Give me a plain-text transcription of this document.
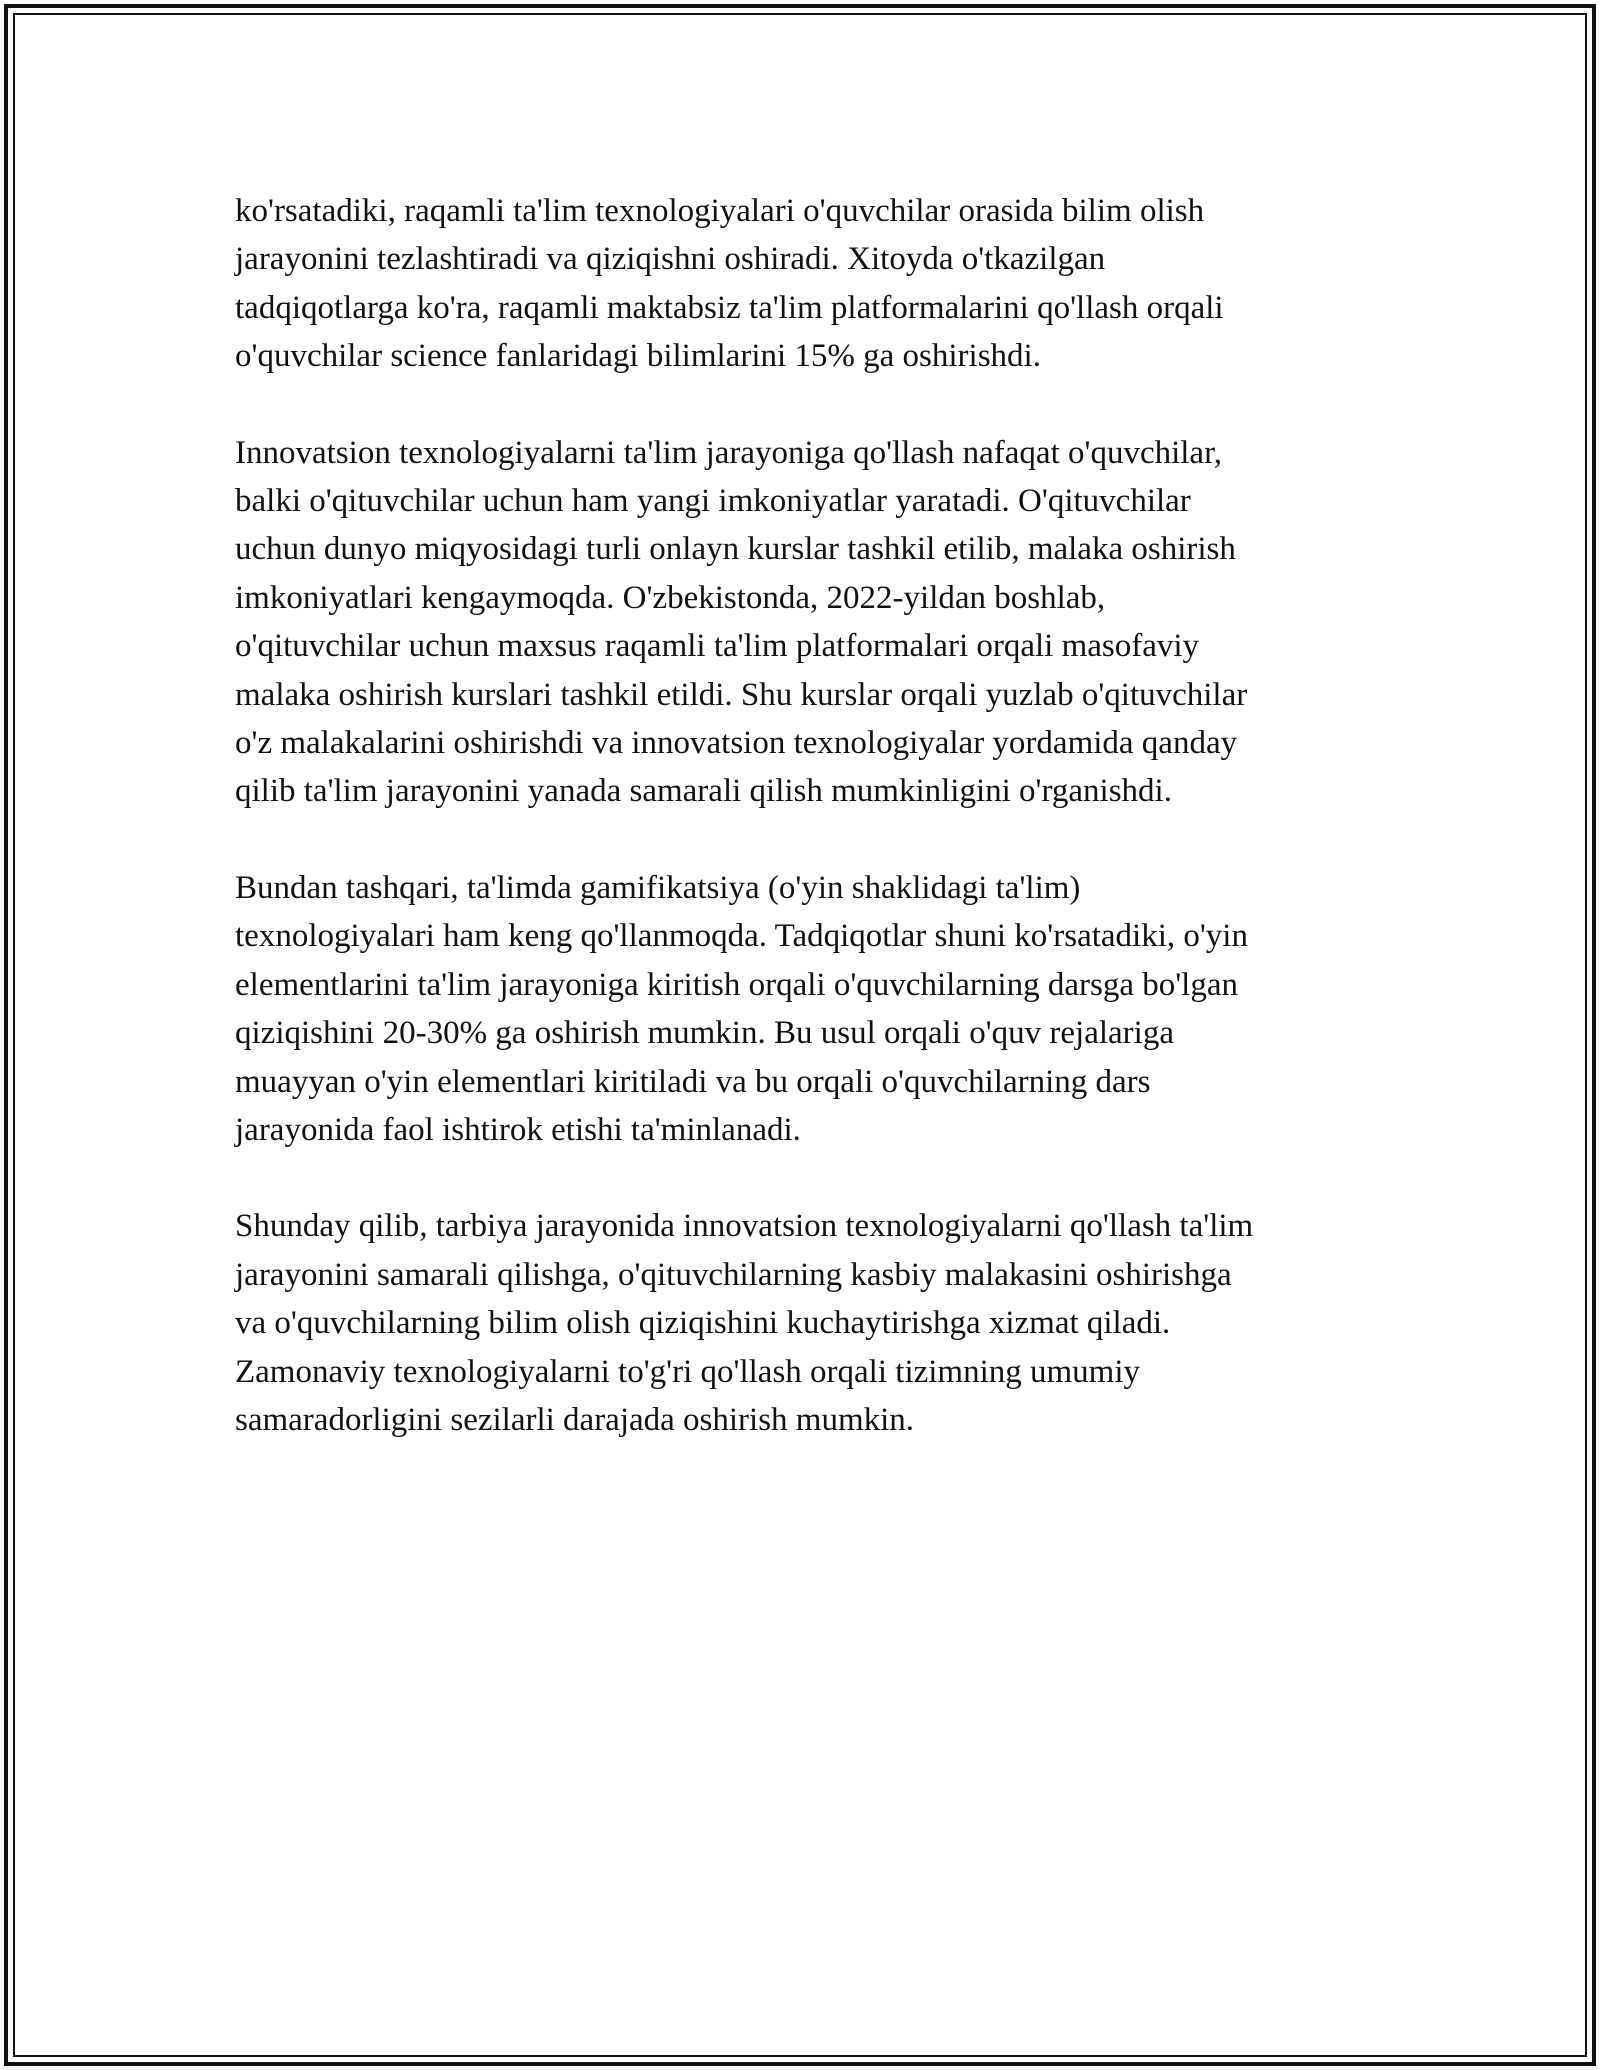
ko'rsatadiki, raqamli ta'lim texnologiyalari o'quvchilar orasida bilim olish
jarayonini tezlashtiradi va qiziqishni oshiradi. Xitoyda o'tkazilgan
tadqiqotlarga ko'ra, raqamli maktabsiz ta'lim platformalarini qo'llash orqali
o'quvchilar science fanlaridagi bilimlarini 15% ga oshirishdi.

Innovatsion texnologiyalarni ta'lim jarayoniga qo'llash nafaqat o'quvchilar,
balki o'qituvchilar uchun ham yangi imkoniyatlar yaratadi. O'qituvchilar
uchun dunyo miqyosidagi turli onlayn kurslar tashkil etilib, malaka oshirish
imkoniyatlari kengaymoqda. O'zbekistonda, 2022-yildan boshlab,
o'qituvchilar uchun maxsus raqamli ta'lim platformalari orqali masofaviy
malaka oshirish kurslari tashkil etildi. Shu kurslar orqali yuzlab o'qituvchilar
o'z malakalarini oshirishdi va innovatsion texnologiyalar yordamida qanday
qilib ta'lim jarayonini yanada samarali qilish mumkinligini o'rganishdi.

Bundan tashqari, ta'limda gamifikatsiya (o'yin shaklidagi ta'lim)
texnologiyalari ham keng qo'llanmoqda. Tadqiqotlar shuni ko'rsatadiki, o'yin
elementlarini ta'lim jarayoniga kiritish orqali o'quvchilarning darsga bo'lgan
qiziqishini 20-30% ga oshirish mumkin. Bu usul orqali o'quv rejalariga
muayyan o'yin elementlari kiritiladi va bu orqali o'quvchilarning dars
jarayonida faol ishtirok etishi ta'minlanadi.

Shunday qilib, tarbiya jarayonida innovatsion texnologiyalarni qo'llash ta'lim
jarayonini samarali qilishga, o'qituvchilarning kasbiy malakasini oshirishga
va o'quvchilarning bilim olish qiziqishini kuchaytirishga xizmat qiladi.
Zamonaviy texnologiyalarni to'g'ri qo'llash orqali tizimning umumiy
samaradorligini sezilarli darajada oshirish mumkin.
